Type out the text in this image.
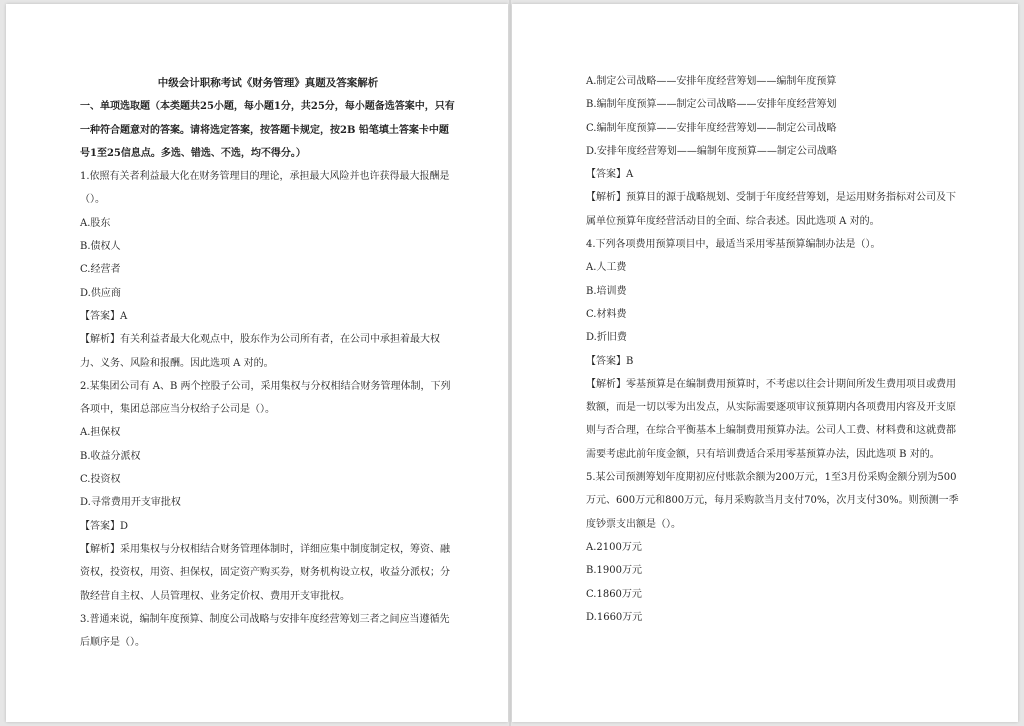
中级会计职称考试《财务管理》真题及答案解析

一、单项选取题（本类题共25小题，每小题1分，共25分，每小题备选答案中，只有一种符合题意对的答案。请将选定答案，按答题卡规定，按2B 铅笔填土答案卡中题号1至25信息点。多选、错选、不选，均不得分。）

1.依照有关者利益最大化在财务管理目的理论，承担最大风险并也许获得最大报酬是（）。

A.股东

B.债权人

C.经营者

D.供应商

【答案】A

【解析】有关利益者最大化观点中，股东作为公司所有者，在公司中承担着最大权力、义务、风险和报酬。因此选项 A 对的。

2.某集团公司有 A、B 两个控股子公司，采用集权与分权相结合财务管理体制，下列各项中，集团总部应当分权给子公司是（）。

A.担保权

B.收益分派权

C.投资权

D.寻常费用开支审批权

【答案】D

【解析】采用集权与分权相结合财务管理体制时，详细应集中制度制定权，筹资、融资权，投资权，用资、担保权，固定资产购买券，财务机构设立权，收益分派权；分散经营自主权、人员管理权、业务定价权、费用开支审批权。

3.普通来说，编制年度预算、制度公司战略与安排年度经营筹划三者之间应当遵循先后顺序是（）。

A.制定公司战略——安排年度经营筹划——编制年度预算

B.编制年度预算——制定公司战略——安排年度经营筹划

C.编制年度预算——安排年度经营筹划——制定公司战略

D.安排年度经营筹划——编制年度预算——制定公司战略

【答案】A

【解析】预算目的源于战略规划、受制于年度经营筹划，是运用财务指标对公司及下属单位预算年度经营活动目的全面、综合表述。因此选项 A 对的。

4.下列各项费用预算项目中，最适当采用零基预算编制办法是（）。

A.人工费

B.培训费

C.材料费

D.折旧费

【答案】B

【解析】零基预算是在编制费用预算时，不考虑以往会计期间所发生费用项目或费用数额，而是一切以零为出发点，从实际需要逐项审议预算期内各项费用内容及开支原则与否合理，在综合平衡基本上编制费用预算办法。公司人工费、材料费和这就费都需要考虑此前年度金额，只有培训费适合采用零基预算办法，因此选项 B 对的。

5.某公司预测筹划年度期初应付账款余额为200万元，1至3月份采购金额分别为500万元、600万元和800万元，每月采购款当月支付70%，次月支付30%。则预测一季度钞票支出额是（）。

A.2100万元

B.1900万元

C.1860万元

D.1660万元
